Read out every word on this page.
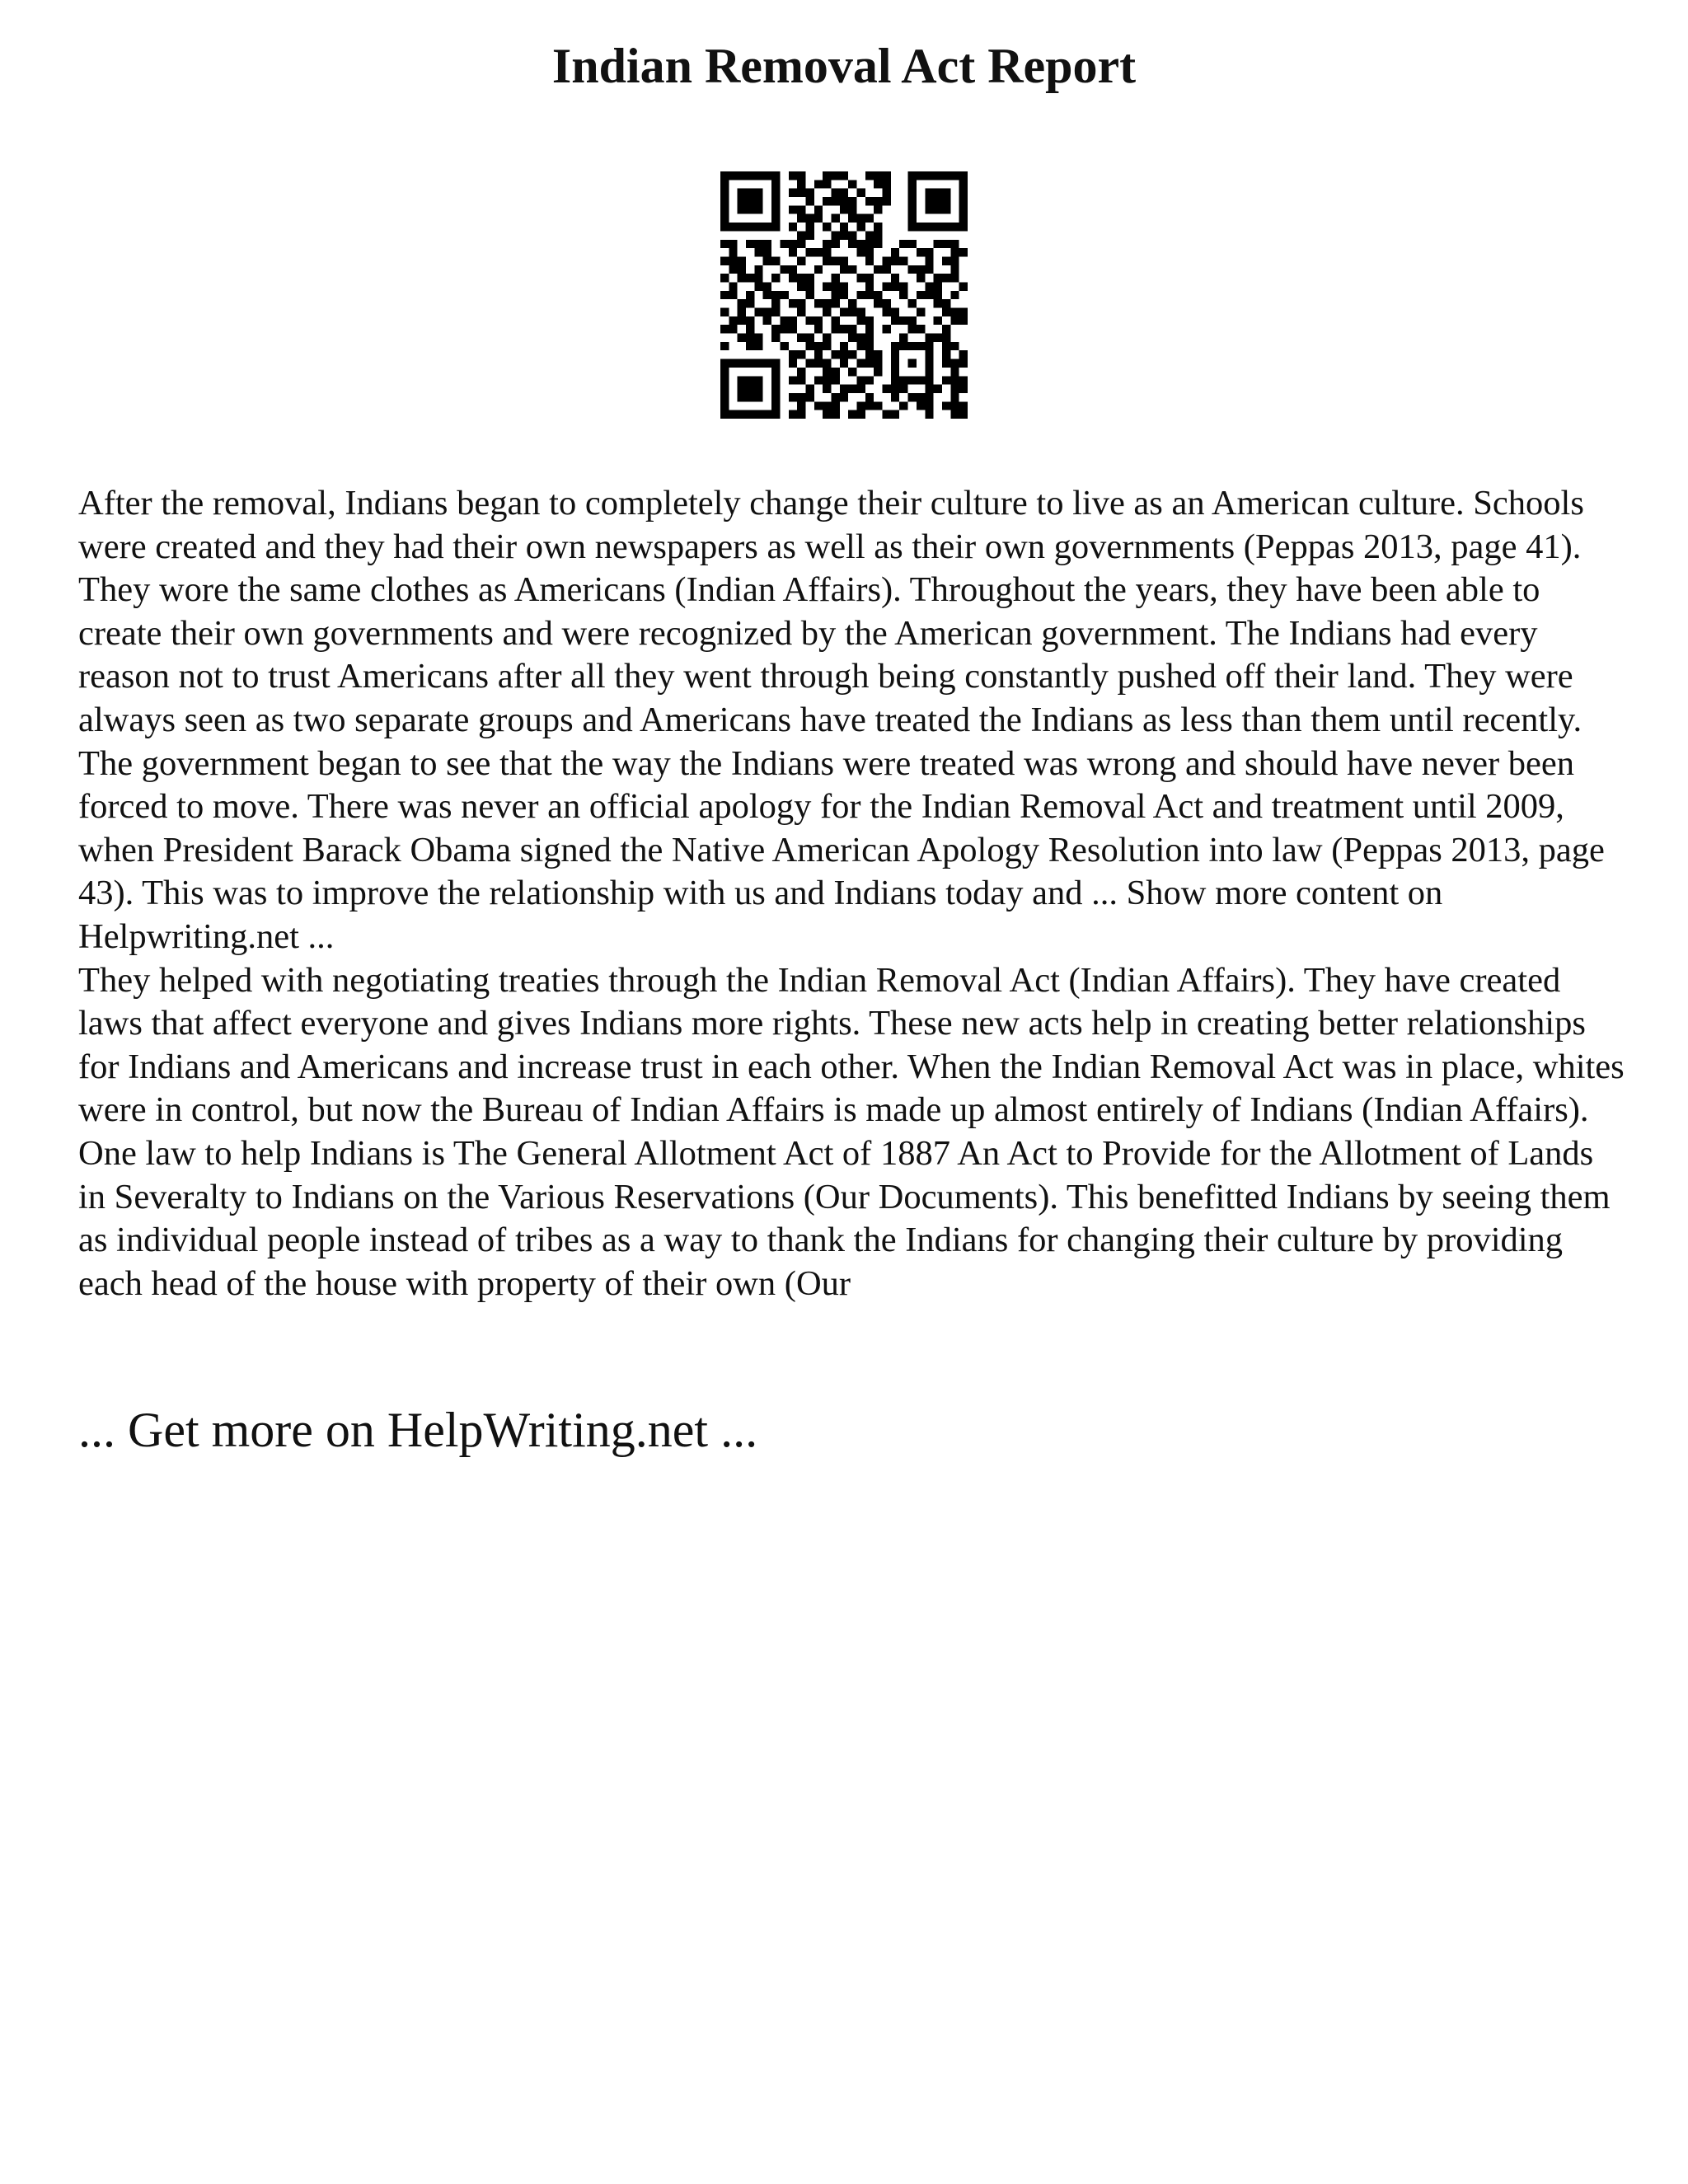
Indian Removal Act Report

After the removal, Indians began to completely change their culture to live as an American culture. Schools were created and they had their own newspapers as well as their own governments (Peppas 2013, page 41). They wore the same clothes as Americans (Indian Affairs). Throughout the years, they have been able to create their own governments and were recognized by the American government. The Indians had every reason not to trust Americans after all they went through being constantly pushed off their land. They were always seen as two separate groups and Americans have treated the Indians as less than them until recently. The government began to see that the way the Indians were treated was wrong and should have never been forced to move. There was never an official apology for the Indian Removal Act and treatment until 2009, when President Barack Obama signed the Native American Apology Resolution into law (Peppas 2013, page 43). This was to improve the relationship with us and Indians today and ... Show more content on Helpwriting.net ...

They helped with negotiating treaties through the Indian Removal Act (Indian Affairs). They have created laws that affect everyone and gives Indians more rights. These new acts help in creating better relationships for Indians and Americans and increase trust in each other. When the Indian Removal Act was in place, whites were in control, but now the Bureau of Indian Affairs is made up almost entirely of Indians (Indian Affairs).

One law to help Indians is The General Allotment Act of 1887 An Act to Provide for the Allotment of Lands in Severalty to Indians on the Various Reservations (Our Documents). This benefitted Indians by seeing them as individual people instead of tribes as a way to thank the Indians for changing their culture by providing each head of the house with property of their own (Our

... Get more on HelpWriting.net ...
